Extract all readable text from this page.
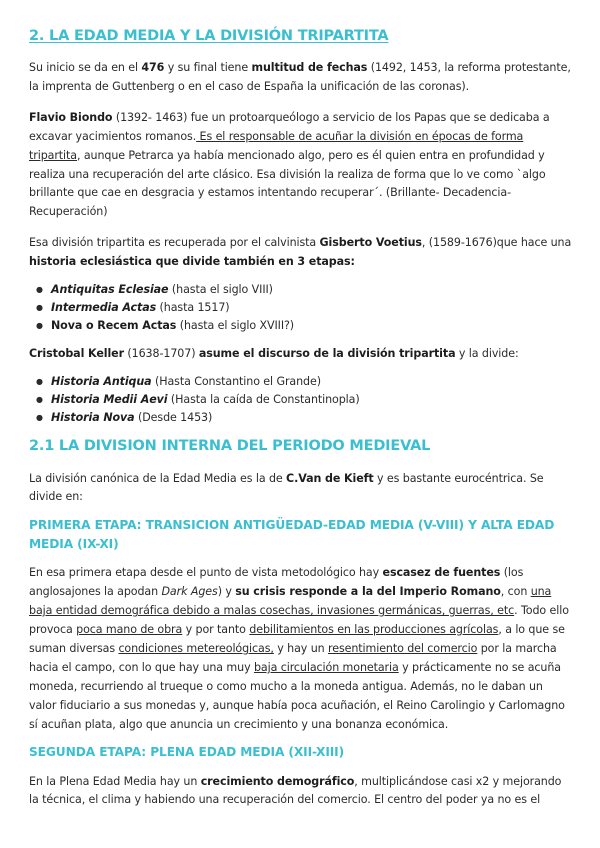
2. LA EDAD MEDIA Y LA DIVISIÓN TRIPARTITA

Su inicio se da en el 476 y su final tiene multitud de fechas (1492, 1453, la reforma protestante, la imprenta de Guttenberg o en el caso de España la unificación de las coronas).

Flavio Biondo (1392- 1463) fue un protoarqueólogo a servicio de los Papas que se dedicaba a excavar yacimientos romanos. Es el responsable de acuñar la división en épocas de forma tripartita, aunque Petrarca ya había mencionado algo, pero es él quien entra en profundidad y realiza una recuperación del arte clásico. Esa división la realiza de forma que lo ve como `algo brillante que cae en desgracia y estamos intentando recuperar´. (Brillante- Decadencia- Recuperación)

Esa división tripartita es recuperada por el calvinista Gisberto Voetius, (1589-1676)que hace una historia eclesiástica que divide también en 3 etapas:

● Antiquitas Eclesiae (hasta el siglo VIII)
● Intermedia Actas (hasta 1517)
● Nova o Recem Actas (hasta el siglo XVIII?)

Cristobal Keller (1638-1707) asume el discurso de la división tripartita y la divide:

● Historia Antiqua (Hasta Constantino el Grande)
● Historia Medii Aevi (Hasta la caída de Constantinopla)
● Historia Nova (Desde 1453)
2.1 LA DIVISION INTERNA DEL PERIODO MEDIEVAL

La división canónica de la Edad Media es la de C.Van de Kieft y es bastante eurocéntrica. Se divide en:

PRIMERA ETAPA: TRANSICION ANTIGÜEDAD-EDAD MEDIA (V-VIII) Y ALTA EDAD MEDIA (IX-XI)

En esa primera etapa desde el punto de vista metodológico hay escasez de fuentes (los anglosajones la apodan Dark Ages) y su crisis responde a la del Imperio Romano, con una baja entidad demográfica debido a malas cosechas, invasiones germánicas, guerras, etc. Todo ello provoca poca mano de obra y por tanto debilitamientos en las producciones agrícolas, a lo que se suman diversas condiciones metereológicas, y hay un resentimiento del comercio por la marcha hacia el campo, con lo que hay una muy baja circulación monetaria y prácticamente no se acuña moneda, recurriendo al trueque o como mucho a la moneda antigua. Además, no le daban un valor fiduciario a sus monedas y, aunque había poca acuñación, el Reino Carolingio y Carlomagno sí acuñan plata, algo que anuncia un crecimiento y una bonanza económica.

SEGUNDA ETAPA: PLENA EDAD MEDIA (XII-XIII)

En la Plena Edad Media hay un crecimiento demográfico, multiplicándose casi x2 y mejorando la técnica, el clima y habiendo una recuperación del comercio. El centro del poder ya no es el
